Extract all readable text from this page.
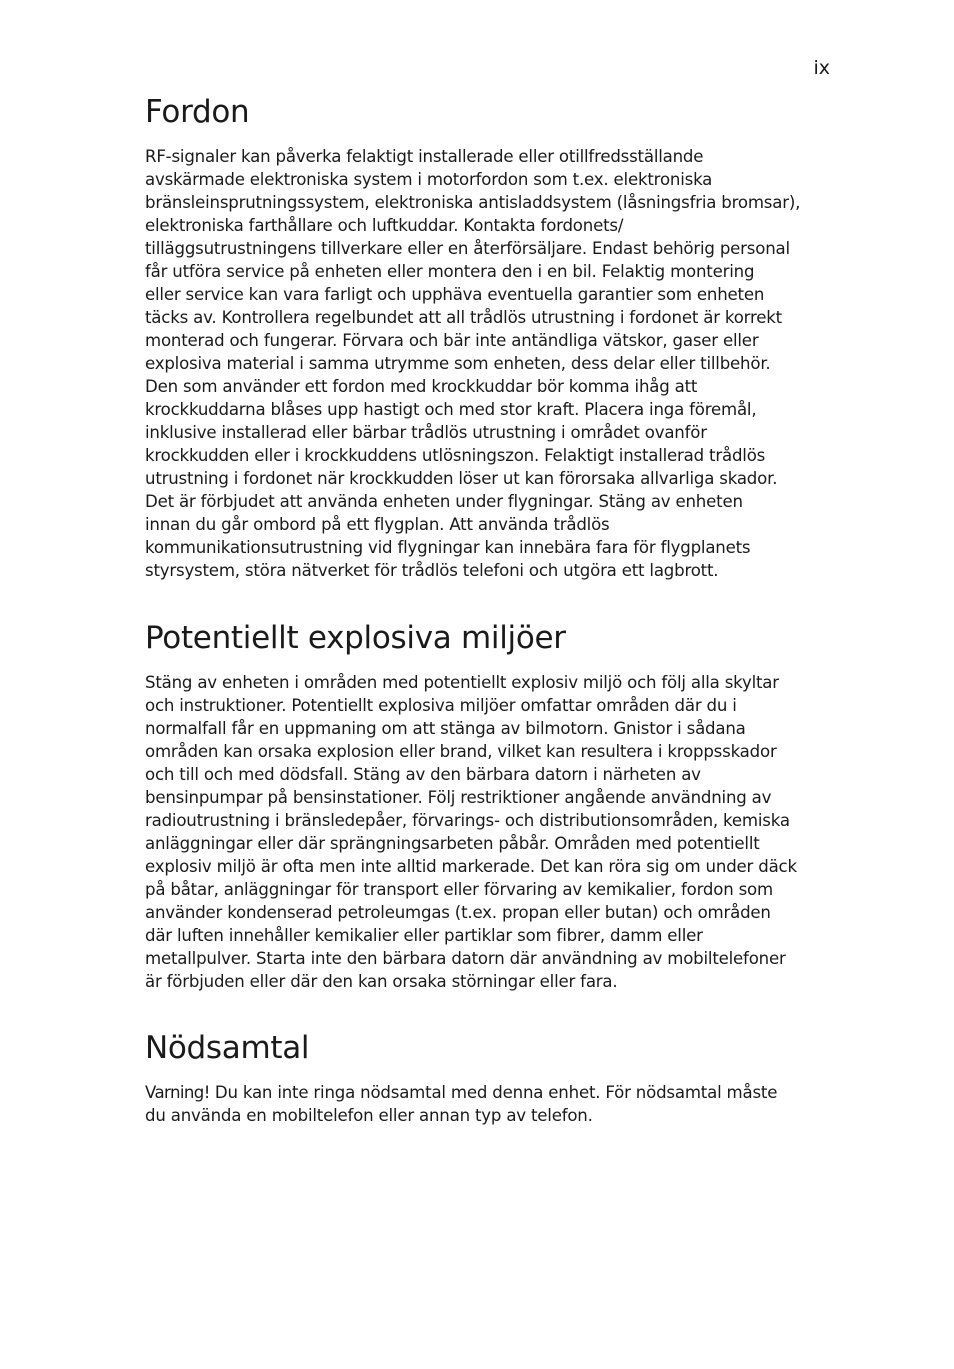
ix
Fordon
RF-signaler kan påverka felaktigt installerade eller otillfredsställande
avskärmade elektroniska system i motorfordon som t.ex. elektroniska
bränsleinsprutningssystem, elektroniska antisladdsystem (låsningsfria bromsar),
elektroniska farthållare och luftkuddar. Kontakta fordonets/
tilläggsutrustningens tillverkare eller en återförsäljare. Endast behörig personal
får utföra service på enheten eller montera den i en bil. Felaktig montering
eller service kan vara farligt och upphäva eventuella garantier som enheten
täcks av. Kontrollera regelbundet att all trådlös utrustning i fordonet är korrekt
monterad och fungerar. Förvara och bär inte antändliga vätskor, gaser eller
explosiva material i samma utrymme som enheten, dess delar eller tillbehör.
Den som använder ett fordon med krockkuddar bör komma ihåg att
krockkuddarna blåses upp hastigt och med stor kraft. Placera inga föremål,
inklusive installerad eller bärbar trådlös utrustning i området ovanför
krockkudden eller i krockkuddens utlösningszon. Felaktigt installerad trådlös
utrustning i fordonet när krockkudden löser ut kan förorsaka allvarliga skador.
Det är förbjudet att använda enheten under flygningar. Stäng av enheten
innan du går ombord på ett flygplan. Att använda trådlös
kommunikationsutrustning vid flygningar kan innebära fara för flygplanets
styrsystem, störa nätverket för trådlös telefoni och utgöra ett lagbrott.
Potentiellt explosiva miljöer
Stäng av enheten i områden med potentiellt explosiv miljö och följ alla skyltar
och instruktioner. Potentiellt explosiva miljöer omfattar områden där du i
normalfall får en uppmaning om att stänga av bilmotorn. Gnistor i sådana
områden kan orsaka explosion eller brand, vilket kan resultera i kroppsskador
och till och med dödsfall. Stäng av den bärbara datorn i närheten av
bensinpumpar på bensinstationer. Följ restriktioner angående användning av
radioutrustning i bränsledepåer, förvarings- och distributionsområden, kemiska
anläggningar eller där sprängningsarbeten påbår. Områden med potentiellt
explosiv miljö är ofta men inte alltid markerade. Det kan röra sig om under däck
på båtar, anläggningar för transport eller förvaring av kemikalier, fordon som
använder kondenserad petroleumgas (t.ex. propan eller butan) och områden
där luften innehåller kemikalier eller partiklar som fibrer, damm eller
metallpulver. Starta inte den bärbara datorn där användning av mobiltelefoner
är förbjuden eller där den kan orsaka störningar eller fara.
Nödsamtal
Varning! Du kan inte ringa nödsamtal med denna enhet. För nödsamtal måste
du använda en mobiltelefon eller annan typ av telefon.
